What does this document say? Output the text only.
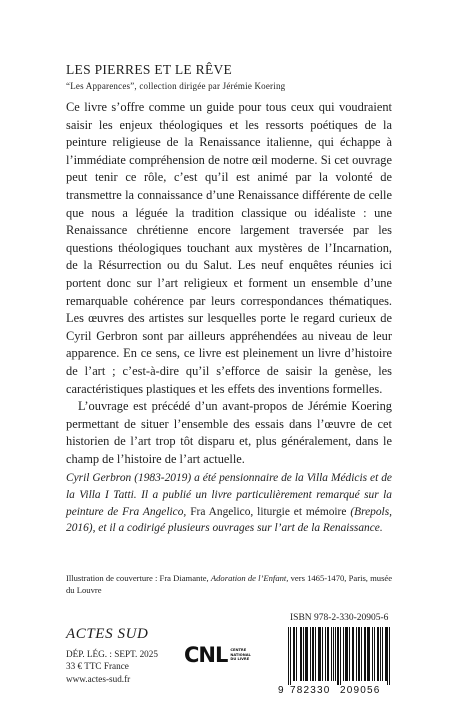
LES PIERRES ET LE RÊVE
“Les Apparences”, collection dirigée par Jérémie Koering

Ce livre s’offre comme un guide pour tous ceux qui voudraient saisir les enjeux théologiques et les ressorts poétiques de la peinture religieuse de la Renaissance italienne, qui échappe à l’immédiate compréhension de notre œil moderne. Si cet ouvrage peut tenir ce rôle, c’est qu’il est animé par la volonté de transmettre la connaissance d’une Renaissance différente de celle que nous a léguée la tradition classique ou idéaliste : une Renaissance chrétienne encore largement traversée par les questions théologiques touchant aux mystères de l’Incarnation, de la Résurrection ou du Salut. Les neuf enquêtes réunies ici portent donc sur l’art religieux et forment un ensemble d’une remarquable cohérence par leurs correspondances thématiques. Les œuvres des artistes sur lesquelles porte le regard curieux de Cyril Gerbron sont par ailleurs appréhendées au niveau de leur apparence. En ce sens, ce livre est pleinement un livre d’histoire de l’art ; c’est-à-dire qu’il s’efforce de saisir la genèse, les caractéristiques plastiques et les effets des inventions formelles.

L’ouvrage est précédé d’un avant-propos de Jérémie Koering permettant de situer l’ensemble des essais dans l’œuvre de cet historien de l’art trop tôt disparu et, plus généralement, dans le champ de l’histoire de l’art actuelle.

Cyril Gerbron (1983-2019) a été pensionnaire de la Villa Médicis et de la Villa I Tatti. Il a publié un livre particulièrement remarqué sur la peinture de Fra Angelico, Fra Angelico, liturgie et mémoire (Brepols, 2016), et il a codirigé plusieurs ouvrages sur l’art de la Renaissance.
Illustration de couverture : Fra Diamante, Adoration de l’Enfant, vers 1465-1470, Paris, musée du Louvre
ISBN 978-2-330-20905-6
ACTES SUD
DÉP. LÉG. : SEPT. 2025
33 € TTC France
www.actes-sud.fr
CNL CENTRE
NATIONAL
DU LIVRE
9 782330 209056
